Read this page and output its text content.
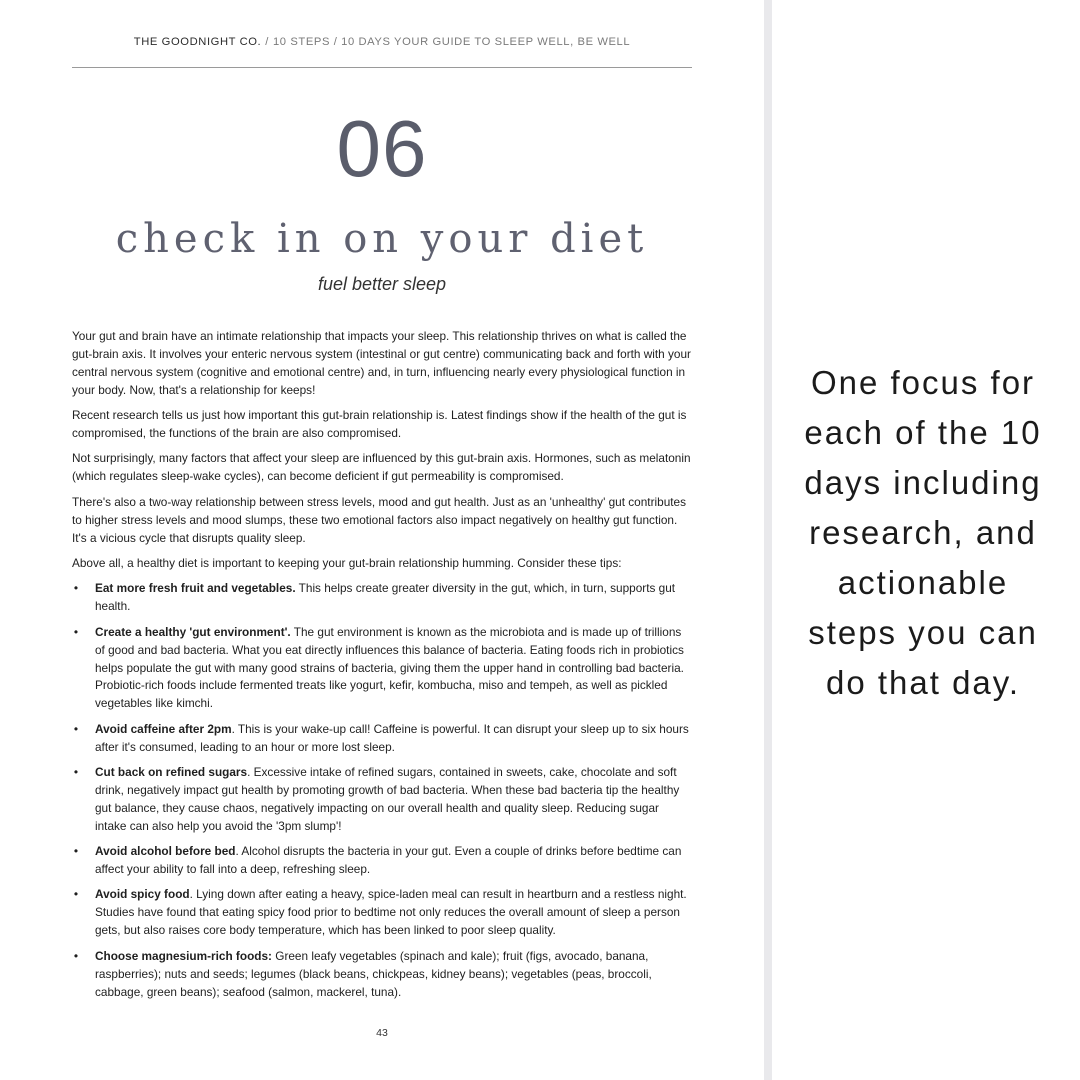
THE GOODNIGHT CO. / 10 STEPS / 10 DAYS YOUR GUIDE TO SLEEP WELL, BE WELL
06
check in on your diet
fuel better sleep

Your gut and brain have an intimate relationship that impacts your sleep. This relationship thrives on what is called the gut-brain axis. It involves your enteric nervous system (intestinal or gut centre) communicating back and forth with your central nervous system (cognitive and emotional centre) and, in turn, influencing nearly every physiological function in your body. Now, that's a relationship for keeps!

Recent research tells us just how important this gut-brain relationship is. Latest findings show if the health of the gut is compromised, the functions of the brain are also compromised.

Not surprisingly, many factors that affect your sleep are influenced by this gut-brain axis. Hormones, such as melatonin (which regulates sleep-wake cycles), can become deficient if gut permeability is compromised.

There's also a two-way relationship between stress levels, mood and gut health. Just as an 'unhealthy' gut contributes to higher stress levels and mood slumps, these two emotional factors also impact negatively on healthy gut function. It's a vicious cycle that disrupts quality sleep.

Above all, a healthy diet is important to keeping your gut-brain relationship humming. Consider these tips:

• Eat more fresh fruit and vegetables. This helps create greater diversity in the gut, which, in turn, supports gut health.
• Create a healthy 'gut environment'. The gut environment is known as the microbiota and is made up of trillions of good and bad bacteria. What you eat directly influences this balance of bacteria. Eating foods rich in probiotics helps populate the gut with many good strains of bacteria, giving them the upper hand in controlling bad bacteria. Probiotic-rich foods include fermented treats like yogurt, kefir, kombucha, miso and tempeh, as well as pickled vegetables like kimchi.
• Avoid caffeine after 2pm. This is your wake-up call! Caffeine is powerful. It can disrupt your sleep up to six hours after it's consumed, leading to an hour or more lost sleep.
• Cut back on refined sugars. Excessive intake of refined sugars, contained in sweets, cake, chocolate and soft drink, negatively impact gut health by promoting growth of bad bacteria. When these bad bacteria tip the healthy gut balance, they cause chaos, negatively impacting on our overall health and quality sleep. Reducing sugar intake can also help you avoid the '3pm slump'!
• Avoid alcohol before bed. Alcohol disrupts the bacteria in your gut. Even a couple of drinks before bedtime can affect your ability to fall into a deep, refreshing sleep.
• Avoid spicy food. Lying down after eating a heavy, spice-laden meal can result in heartburn and a restless night. Studies have found that eating spicy food prior to bedtime not only reduces the overall amount of sleep a person gets, but also raises core body temperature, which has been linked to poor sleep quality.
• Choose magnesium-rich foods: Green leafy vegetables (spinach and kale); fruit (figs, avocado, banana, raspberries); nuts and seeds; legumes (black beans, chickpeas, kidney beans); vegetables (peas, broccoli, cabbage, green beans); seafood (salmon, mackerel, tuna).
43
One focus for each of the 10 days including research, and actionable steps you can do that day.
